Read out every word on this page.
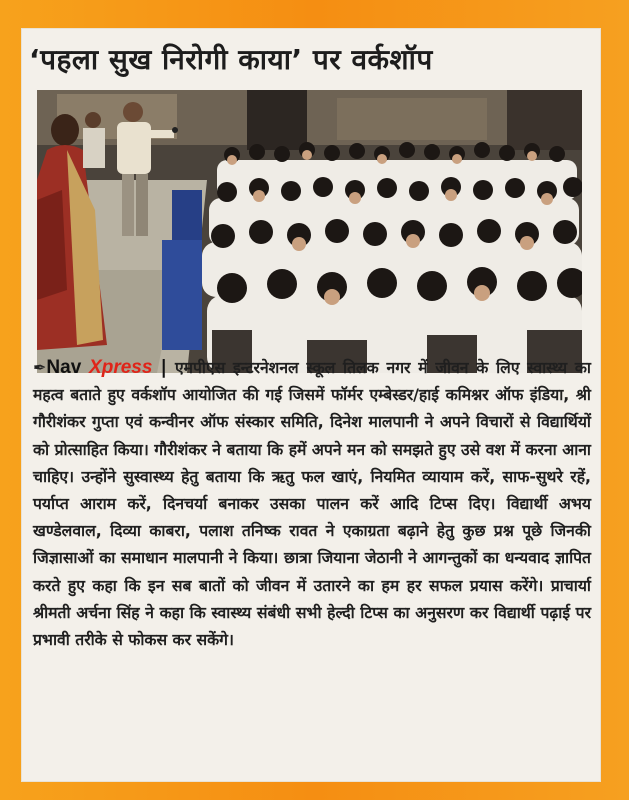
‘पहला सुख निरोगी काया’ पर वर्कशॉप
✒Nav Xpress | एमपीएस इन्टरनेशनल स्कूल तिलक नगर में जीवन के लिए स्वास्थ्य का महत्व बताते हुए वर्कशॉप आयोजित की गई जिसमें फॉर्मर एम्बेस्डर/हाई कमिश्नर ऑफ इंडिया, श्री गौरीशंकर गुप्ता एवं कन्वीनर ऑफ संस्कार समिति, दिनेश मालपानी ने अपने विचारों से विद्यार्थियों को प्रोत्साहित किया। गौरीशंकर ने बताया कि हमें अपने मन को समझते हुए उसे वश में करना आना चाहिए। उन्होंने सुस्वास्थ्य हेतु बताया कि ऋतु फल खाएं, नियमित व्यायाम करें, साफ-सुथरे रहें, पर्याप्त आराम करें, दिनचर्या बनाकर उसका पालन करें आदि टिप्स दिए। विद्यार्थी अभय खण्डेलवाल, दिव्या काबरा, पलाश तनिष्क रावत ने एकाग्रता बढ़ाने हेतु कुछ प्रश्न पूछे जिनकी जिज्ञासाओं का समाधान मालपानी ने किया। छात्रा जियाना जेठानी ने आगन्तुकों का धन्यवाद ज्ञापित करते हुए कहा कि इन सब बातों को जीवन में उतारने का हम हर सफल प्रयास करेंगे। प्राचार्या श्रीमती अर्चना सिंह ने कहा कि स्वास्थ्य संबंधी सभी हेल्दी टिप्स का अनुसरण कर विद्यार्थी पढ़ाई पर प्रभावी तरीके से फोकस कर सकेंगे।
